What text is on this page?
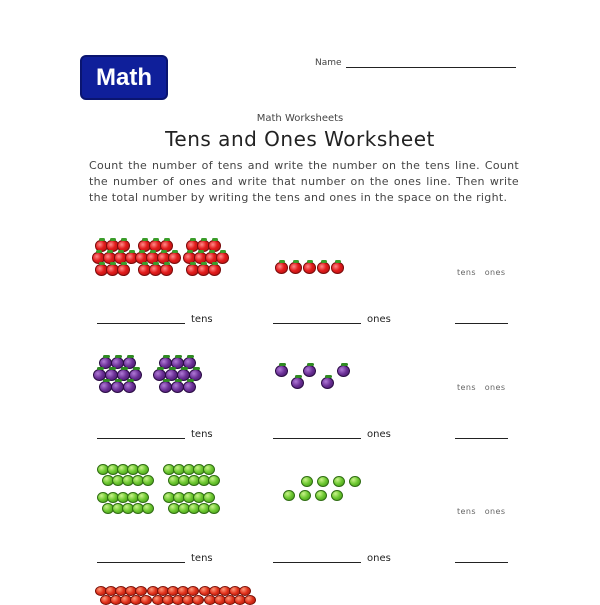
Math
Name
Math Worksheets
Tens and Ones Worksheet
Count the number of tens and write the number on the tens line. Count the number of ones and write that number on the ones line. Then write the total number by writing the tens and ones in the space on the right.
tens ones
tens	ones
tens ones
tens	ones
tens ones
tens	ones
